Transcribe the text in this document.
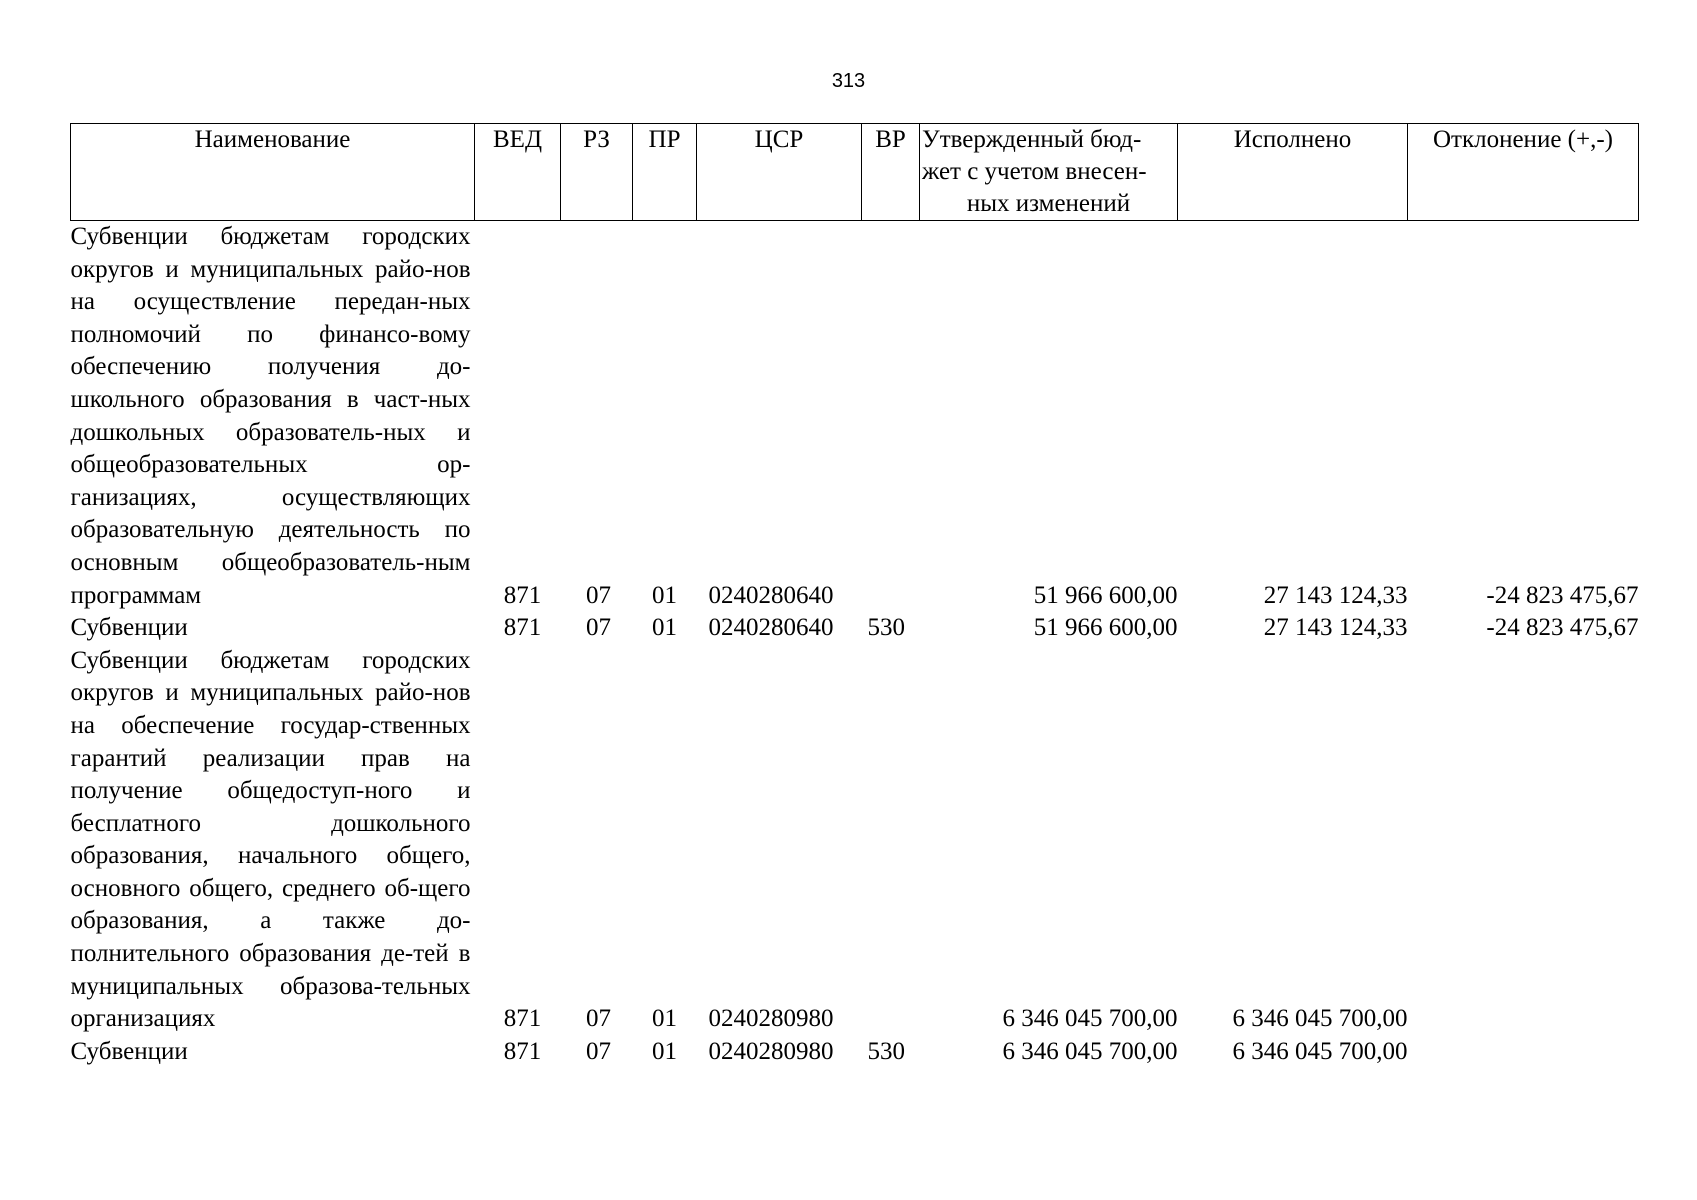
313
Наименование	ВЕД	РЗ	ПР	ЦСР	ВР	Утвержденный бюд-жет с учетом внесен-ных изменений	Исполнено	Отклонение (+,-)
Субвенции бюджетам городских округов и муниципальных райо-нов на осуществление передан-ных полномочий по финансо-вому обеспечению получения до-школьного образования в част-ных дошкольных образователь-ных и общеобразовательных ор-ганизациях, осуществляющих образовательную деятельность по основным общеобразователь-ным программам	871	07	01	0240280640		51 966 600,00	27 143 124,33	-24 823 475,67
Субвенции	871	07	01	0240280640	530	51 966 600,00	27 143 124,33	-24 823 475,67
Субвенции бюджетам городских округов и муниципальных райо-нов на обеспечение государ-ственных гарантий реализации прав на получение общедоступ-ного и бесплатного дошкольного образования, начального общего, основного общего, среднего об-щего образования, а также до-полнительного образования де-тей в муниципальных образова-тельных организациях	871	07	01	0240280980		6 346 045 700,00	6 346 045 700,00	
Субвенции	871	07	01	0240280980	530	6 346 045 700,00	6 346 045 700,00	
